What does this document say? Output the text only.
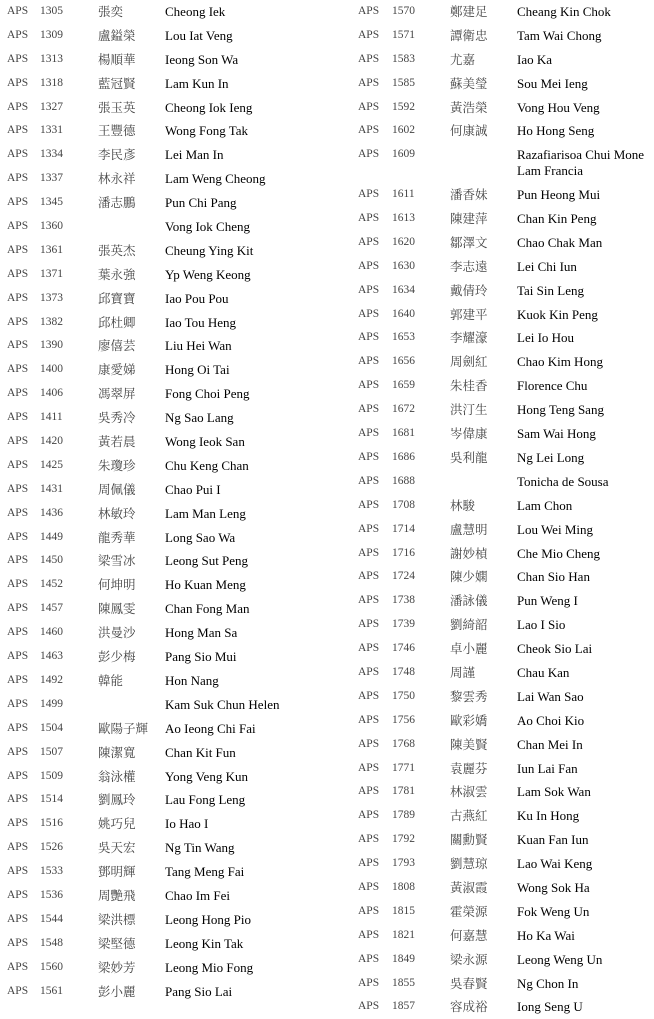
APS 1305	張奕	Cheong Iek
APS 1309	盧鎰榮 Lou Iat Veng
APS 1313	楊順華 Ieong Son Wa
APS 1318	藍冠賢 Lam Kun In
APS 1327	張玉英 Cheong Iok Ieng
APS 1331	王豐德 Wong Fong Tak
APS 1334	李民彥 Lei Man In
APS 1337	林永祥 Lam Weng Cheong
APS 1345	潘志鵬 Pun Chi Pang
APS 1360	Vong Iok Cheng
APS 1361	張英杰 Cheung Ying Kit
APS 1371	葉永強 Yp Weng Keong
APS 1373	邱寶寶 Iao Pou Pou
APS 1382	邱杜卿 Iao Tou Heng
APS 1390	廖僖芸 Liu Hei Wan
APS 1400	康愛娣 Hong Oi Tai
APS 1406	馮翠屏 Fong Choi Peng
APS 1411	吳秀冷 Ng Sao Lang
APS 1420	黃若晨 Wong Ieok San
APS 1425	朱瓊珍 Chu Keng Chan
APS 1431	周佩儀 Chao Pui I
APS 1436	林敏玲 Lam Man Leng
APS 1449	龍秀華 Long Sao Wa
APS 1450	梁雪冰 Leong Sut Peng
APS 1452	何坤明 Ho Kuan Meng
APS 1457	陳鳳雯 Chan Fong Man
APS 1460	洪曼沙 Hong Man Sa
APS 1463	彭少梅 Pang Sio Mui
APS 1492	韓能	Hon Nang
APS 1499	Kam Suk Chun Helen
APS 1504	歐陽子輝 Ao Ieong Chi Fai
APS 1507	陳潔寬 Chan Kit Fun
APS 1509	翁泳權 Yong Veng Kun
APS 1514	劉鳳玲 Lau Fong Leng
APS 1516	姚巧兒 Io Hao I
APS 1526	吳天宏 Ng Tin Wang
APS 1533	鄧明輝 Tang Meng Fai
APS 1536	周艷飛 Chao Im Fei
APS 1544	梁洪標 Leong Hong Pio
APS 1548	梁堅德 Leong Kin Tak
APS 1560	梁妙芳 Leong Mio Fong
APS 1561	彭小麗 Pang Sio Lai
APS 1570	鄭建足 Cheang Kin Chok
APS 1571	譚衛忠 Tam Wai Chong
APS 1583	尤嘉	Iao Ka
APS 1585	蘇美瑩 Sou Mei Ieng
APS 1592	黃浩榮 Vong Hou Veng
APS 1602	何康誠 Ho Hong Seng
APS 1609	Razafiarisoa Chui Mone Lam Francia
APS 1611	潘香妹 Pun Heong Mui
APS 1613	陳建萍 Chan Kin Peng
APS 1620	鄒澤文 Chao Chak Man
APS 1630	李志遠 Lei Chi Iun
APS 1634	戴倩玲 Tai Sin Leng
APS 1640	郭建平 Kuok Kin Peng
APS 1653	李耀濠 Lei Io Hou
APS 1656	周劍紅 Chao Kim Hong
APS 1659	朱桂香 Florence Chu
APS 1672	洪汀生 Hong Teng Sang
APS 1681	岑偉康 Sam Wai Hong
APS 1686	吳利龍 Ng Lei Long
APS 1688	Tonicha de Sousa
APS 1708	林駿	Lam Chon
APS 1714	盧慧明 Lou Wei Ming
APS 1716	謝妙楨 Che Mio Cheng
APS 1724	陳少嫻 Chan Sio Han
APS 1738	潘詠儀 Pun Weng I
APS 1739	劉綺韶 Lao I Sio
APS 1746	卓小麗 Cheok Sio Lai
APS 1748	周謹	Chau Kan
APS 1750	黎雲秀 Lai Wan Sao
APS 1756	歐彩嬌 Ao Choi Kio
APS 1768	陳美賢 Chan Mei In
APS 1771	袁麗芬 Iun Lai Fan
APS 1781	林淑雲 Lam Sok Wan
APS 1789	古燕紅 Ku In Hong
APS 1792	關勳賢 Kuan Fan Iun
APS 1793	劉慧琼 Lao Wai Keng
APS 1808	黃淑霞 Wong Sok Ha
APS 1815	霍榮源 Fok Weng Un
APS 1821	何嘉慧 Ho Ka Wai
APS 1849	梁永源 Leong Weng Un
APS 1855	吳春賢 Ng Chon In
APS 1857	容成裕 Iong Seng U
